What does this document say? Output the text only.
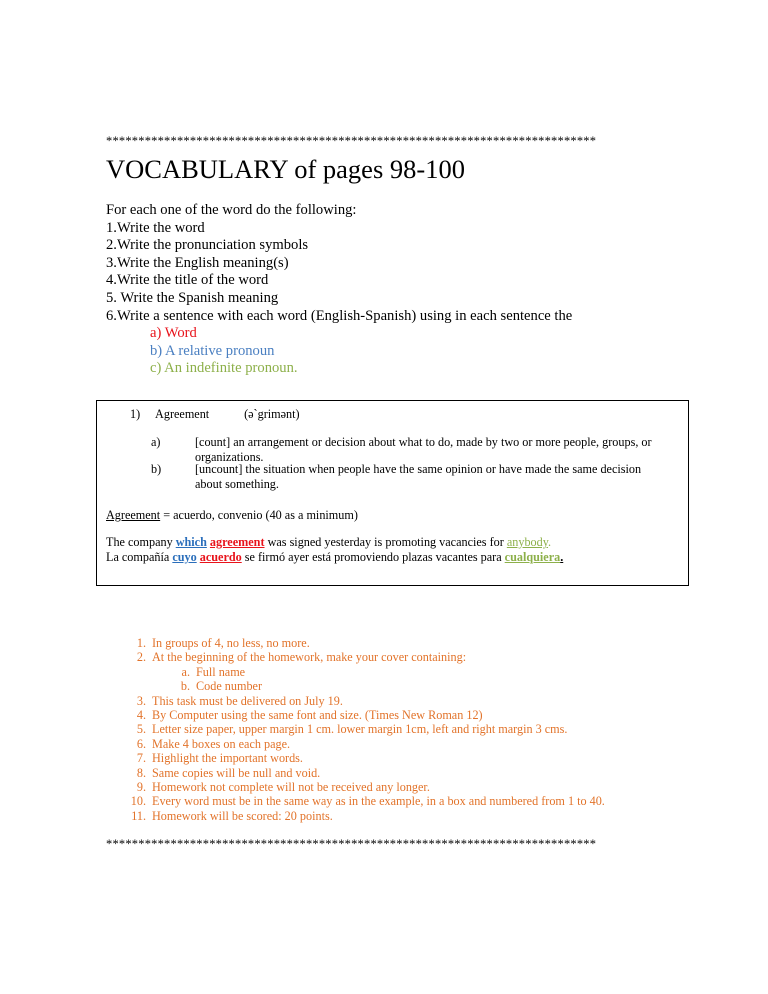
****************************************************************************
VOCABULARY of pages 98-100
For each one of the word do the following:
1.Write the word
2.Write the pronunciation symbols
3.Write the English meaning(s)
4.Write the title of the word
5. Write the Spanish meaning
6.Write a sentence with each word (English-Spanish) using in each sentence the
a) Word
b) A relative pronoun
c) An indefinite pronoun.
1) Agreement	(ə`grimənt)
a)	[count] an arrangement or decision about what to do, made by two or more people, groups, or organizations.
b)	[uncount] the situation when people have the same opinion or have made the same decision about something.
Agreement = acuerdo, convenio (40 as a minimum)
The company which agreement was signed yesterday is promoting vacancies for anybody.
La compañía cuyo acuerdo se firmó ayer está promoviendo plazas vacantes para cualquiera.
1. In groups of 4, no less, no more.
2. At the beginning of the homework, make your cover containing:
a. Full name
b. Code number
3. This task must be delivered on July 19.
4. By Computer using the same font and size. (Times New Roman 12)
5. Letter size paper, upper margin 1 cm. lower margin 1cm, left and right margin 3 cms.
6. Make 4 boxes on each page.
7. Highlight the important words.
8. Same copies will be null and void.
9. Homework not complete will not be received any longer.
10. Every word must be in the same way as in the example, in a box and numbered from 1 to 40.
11. Homework will be scored: 20 points.
****************************************************************************
